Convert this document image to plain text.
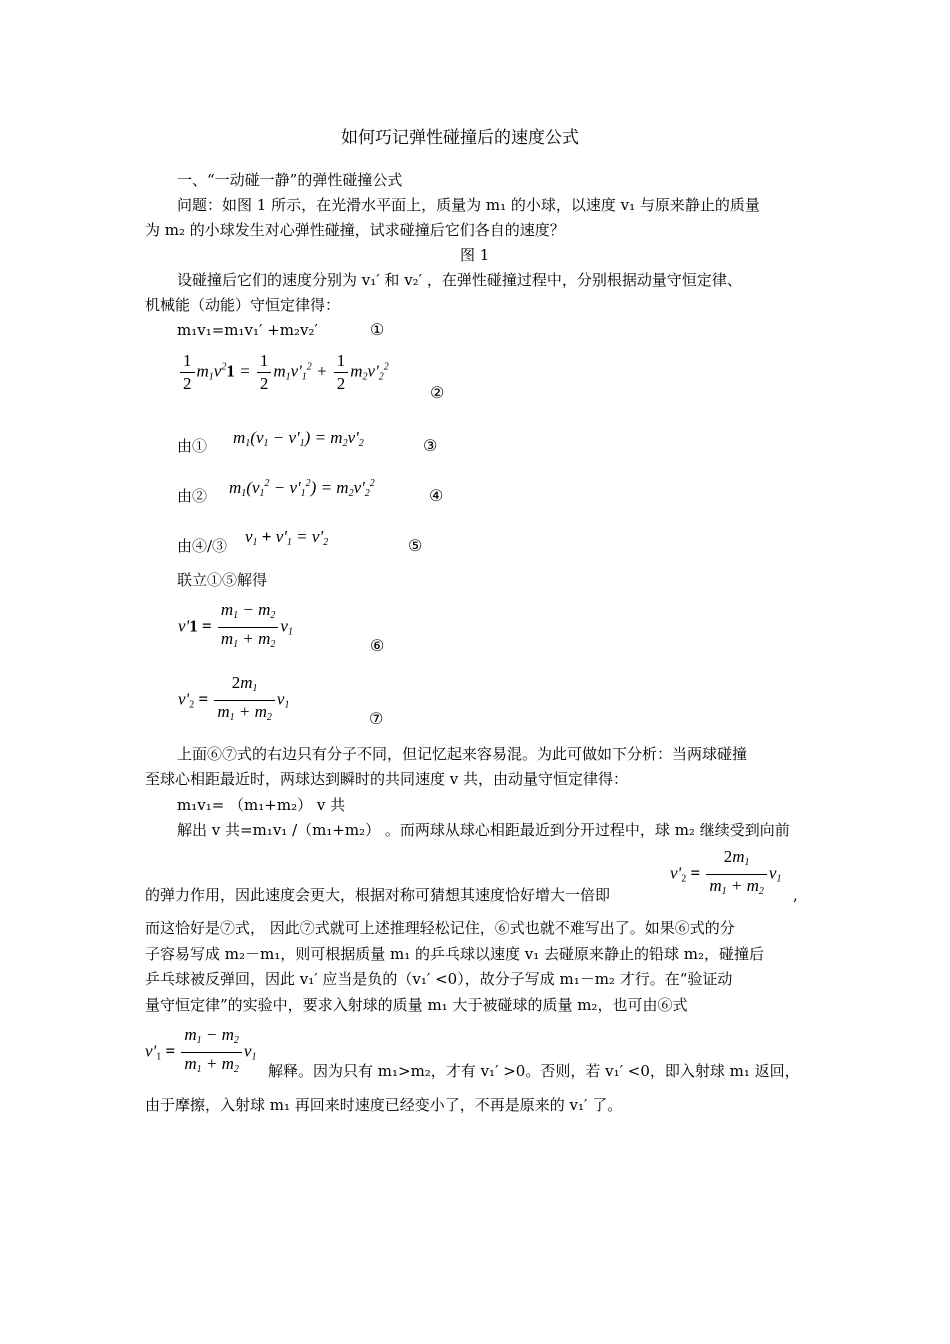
如何巧记弹性碰撞后的速度公式
一、“一动碰一静”的弹性碰撞公式
问题：如图 1 所示，在光滑水平面上，质量为 m₁ 的小球，以速度 v₁ 与原来静止的质量
为 m₂ 的小球发生对心弹性碰撞，试求碰撞后它们各自的速度？
图 1
设碰撞后它们的速度分别为 v₁′ 和 v₂′ ，在弹性碰撞过程中，分别根据动量守恒定律、
机械能（动能）守恒定律得：
m₁v₁=m₁v₁′ +m₂v₂′	①
$\frac{1}{2} m_1v^21 = \frac{1}{2} m_1v'_1^2 + \frac{1}{2} m_2v'_2^2$
②
由① $m_1(v_1 - v'_1) = m_2v'_2$	③
由② $m_1(v_1^2 - v'_1^2) = m_2v'_2^2$
④
由④/③ $v_1 + v'_1 = v'_2$	⑤
联立①⑤解得
$v'1 = \frac{m_1 - m_2}{m_1 + m_2} v_1$
⑥
$v'_2 = \frac{2m_1}{m_1 + m_2} v_1$
⑦
上面⑥⑦式的右边只有分子不同，但记忆起来容易混。为此可做如下分析：当两球碰撞
至球心相距最近时，两球达到瞬时的共同速度 v 共，由动量守恒定律得：
m₁v₁= （m₁+m₂） v 共
解出 v 共=m₁v₁ /（m₁+m₂） 。而两球从球心相距最近到分开过程中，球 m₂ 继续受到向前
$v'_2 = \frac{2m_1}{m_1 + m_2} v_1$
,
的弹力作用，因此速度会更大，根据对称可猜想其速度恰好增大一倍即
而这恰好是⑦式， 因此⑦式就可上述推理轻松记住，⑥式也就不难写出了。如果⑥式的分
子容易写成 m₂－m₁，则可根据质量 m₁ 的乒乓球以速度 v₁ 去碰原来静止的铅球 m₂，碰撞后
乒乓球被反弹回，因此 v₁′ 应当是负的（v₁′ <0），故分子写成 m₁－m₂ 才行。在“验证动
量守恒定律”的实验中，要求入射球的质量 m₁ 大于被碰球的质量 m₂，也可由⑥式
$v'_1 = \frac{m_1 - m_2}{m_1 + m_2} v_1$
解释。因为只有 m₁>m₂，才有 v₁′ >0。否则，若 v₁′ <0，即入射球 m₁ 返回，
由于摩擦，入射球 m₁ 再回来时速度已经变小了，不再是原来的 v₁′ 了。
